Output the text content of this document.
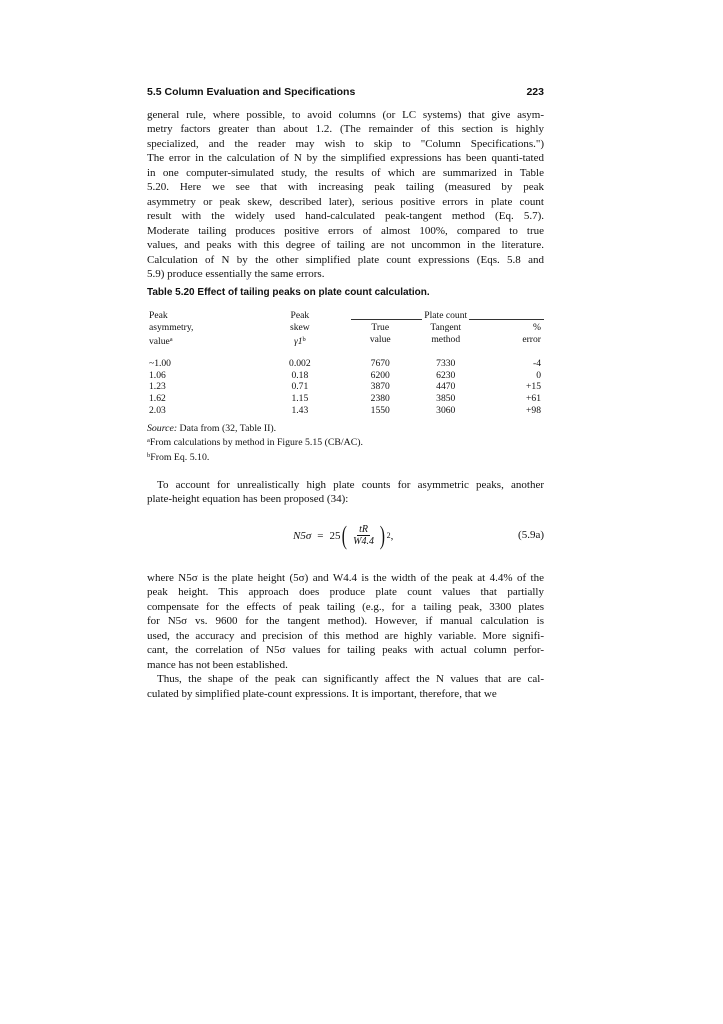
5.5 Column Evaluation and Specifications	223

general rule, where possible, to avoid columns (or LC systems) that give asym-
metry factors greater than about 1.2. (The remainder of this section is highly
specialized, and the reader may wish to skip to "Column Specifications.")
The error in the calculation of N by the simplified expressions has been quanti-tated
in one computer-simulated study, the results of which are summarized in Table
5.20. Here we see that with increasing peak tailing (measured by peak
asymmetry or peak skew, described later), serious positive errors in plate count
result with the widely used hand-calculated peak-tangent method (Eq. 5.7).
Moderate tailing produces positive errors of almost 100%, compared to true
values, and peaks with this degree of tailing are not uncommon in the literature.
Calculation of N by the other simplified plate count expressions (Eqs. 5.8 and
5.9) produce essentially the same errors.

Table 5.20 Effect of tailing peaks on plate count calculation.
Peak	Peak	Plate count		
asymmetry,	skew	True	Tangent	%
value$^a$	γ1$^b$	value	method	error

~1.00	0.002	7670	7330	-4
1.06	0.18	6200	6230	0
1.23	0.71	3870	4470	+15
1.62	1.15	2380	3850	+61
2.03	1.43	1550	3060	+98
Source: Data from (32, Table II).
$^a$From calculations by method in Figure 5.15 (CB/AC).
$^b$From Eq. 5.10.

To account for unrealistically high plate counts for asymmetric peaks, another
plate-height equation has been proposed (34):

N5σ = 25 ( $\frac{tR}{W4.4}$ ) 2 ,	(5.9a)

where N5σ is the plate height (5σ) and W4.4 is the width of the peak at 4.4% of the
peak height. This approach does produce plate count values that partially
compensate for the effects of peak tailing (e.g., for a tailing peak, 3300 plates
for N5σ vs. 9600 for the tangent method). However, if manual calculation is
used, the accuracy and precision of this method are highly variable. More signifi-
cant, the correlation of N5σ values for tailing peaks with actual column perfor-
mance has not been established.

Thus, the shape of the peak can significantly affect the N values that are cal-
culated by simplified plate-count expressions. It is important, therefore, that we
